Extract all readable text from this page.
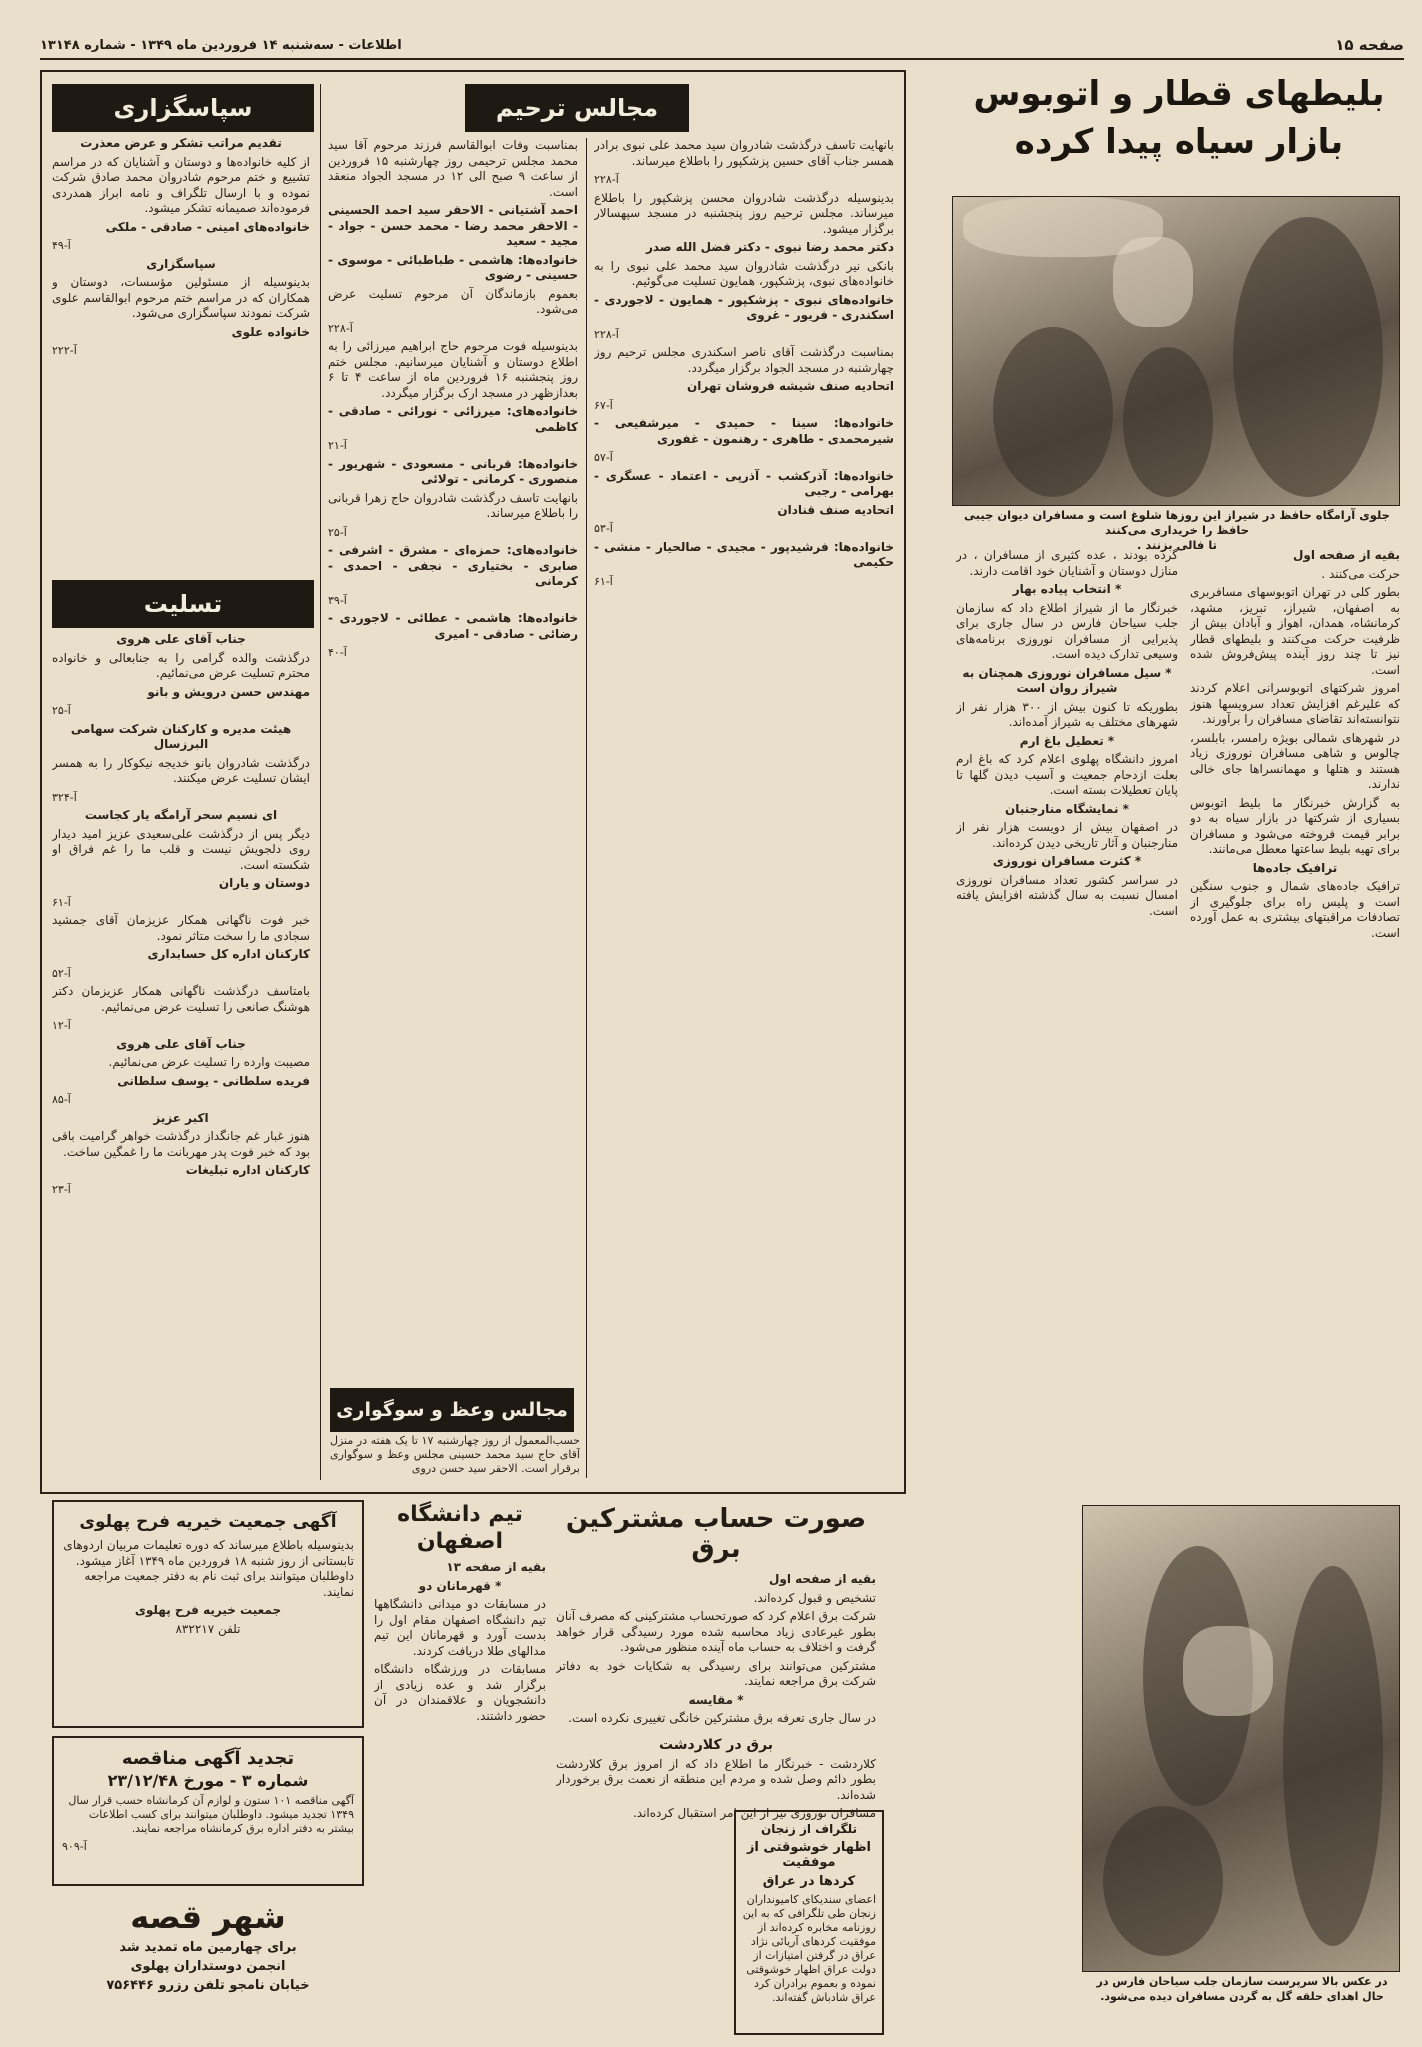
صفحه ۱۵
اطلاعات - سه‌شنبه ۱۴ فروردین ماه ۱۳۴۹ - شماره ۱۳۱۴۸
بلیطهای قطار و اتوبوس
بازار سیاه پیدا کرده
جلوی آرامگاه حافظ در شیراز این روزها شلوغ است و مسافران دیوان جیبی حافظ را خریداری می‌کنند
تا فالی بزنند .

بقیه از صفحه اول

حرکت می‌کنند .

بطور کلی در تهران اتوبوسهای مسافربری به اصفهان، شیراز، تبریز، مشهد، کرمانشاه، همدان، اهواز و آبادان بیش از ظرفیت حرکت می‌کنند و بلیطهای قطار نیز تا چند روز آینده پیش‌فروش شده است.

امروز شرکتهای اتوبوسرانی اعلام کردند که علیرغم افزایش تعداد سرویسها هنوز نتوانسته‌اند تقاضای مسافران را برآورند.

در شهرهای شمالی بویژه رامسر، بابلسر، چالوس و شاهی مسافران نوروزی زیاد هستند و هتلها و مهمانسراها جای خالی ندارند.

به گزارش خبرنگار ما بلیط اتوبوس بسیاری از شرکتها در بازار سیاه به دو برابر قیمت فروخته می‌شود و مسافران برای تهیه بلیط ساعتها معطل می‌مانند.

ترافیک جاده‌ها

ترافیک جاده‌های شمال و جنوب سنگین است و پلیس راه برای جلوگیری از تصادفات مراقبتهای بیشتری به عمل آورده است.

گرده بودند ، عده کثیری از مسافران ، در منازل دوستان و آشنایان خود اقامت دارند.

* انتخاب پیاده بهار

خبرنگار ما از شیراز اطلاع داد که سازمان جلب سیاحان فارس در سال جاری برای پذیرایی از مسافران نوروزی برنامه‌های وسیعی تدارک دیده است.

* سیل مسافران نوروزی همچنان به شیراز روان است

بطوریکه تا کنون بیش از ۳۰۰ هزار نفر از شهرهای مختلف به شیراز آمده‌اند.

* تعطیل باغ ارم

امروز دانشگاه پهلوی اعلام کرد که باغ ارم بعلت ازدحام جمعیت و آسیب دیدن گلها تا پایان تعطیلات بسته است.

* نمایشگاه منارجنبان

در اصفهان بیش از دویست هزار نفر از منارجنبان و آثار تاریخی دیدن کرده‌اند.

* کثرت مسافران نوروزی

در سراسر کشور تعداد مسافران نوروزی امسال نسبت به سال گذشته افزایش یافته است.

در عکس بالا سرپرست سازمان جلب سیاحان فارس در حال اهدای حلقه گل به گردن مسافران دیده می‌شود.
صورت حساب مشترکین برق

بقیه از صفحه اول

تشخیص و قبول کرده‌اند.

شرکت برق اعلام کرد که صورتحساب مشترکینی که مصرف آنان بطور غیرعادی زیاد محاسبه شده مورد رسیدگی قرار خواهد گرفت و اختلاف به حساب ماه آینده منظور می‌شود.

مشترکین می‌توانند برای رسیدگی به شکایات خود به دفاتر شرکت برق مراجعه نمایند.

* مقایسه

در سال جاری تعرفه برق مشترکین خانگی تغییری نکرده است.

برق در کلاردشت

کلاردشت - خبرنگار ما اطلاع داد که از امروز برق کلاردشت بطور دائم وصل شده و مردم این منطقه از نعمت برق برخوردار شده‌اند.

مسافران نوروزی نیز از این امر استقبال کرده‌اند.

تیم دانشگاه
اصفهان

بقیه از صفحه ۱۳

* قهرمانان دو

در مسابقات دو میدانی دانشگاهها تیم دانشگاه اصفهان مقام اول را بدست آورد و قهرمانان این تیم مدالهای طلا دریافت کردند.

مسابقات در ورزشگاه دانشگاه برگزار شد و عده زیادی از دانشجویان و علاقمندان در آن حضور داشتند.

تلگراف از زنجان
اظهار خوشوقتی از موفقیت
کردها در عراق

اعضای سندیکای کامیونداران زنجان طی تلگرافی که به این روزنامه مخابره کرده‌اند از موفقیت کردهای آریائی نژاد عراق در گرفتن امتیازات از دولت عراق اظهار خوشوقتی نموده و بعموم برادران کرد عراق شادباش گفته‌اند.

مجالس ترحیم

بانهایت تاسف درگذشت شادروان سید محمد علی نبوی برادر همسر جناب آقای حسین پزشکپور را باطلاع میرساند.

آ-۲۲۸

بدینوسیله درگذشت شادروان محسن پزشکپور را باطلاع میرساند. مجلس ترحیم روز پنجشنبه در مسجد سپهسالار برگزار میشود.

دکتر محمد رضا نبوی - دکتر فضل الله صدر

بانکی نیر درگذشت شادروان سید محمد علی نبوی را به خانواده‌های نبوی، پزشکپور، همایون تسلیت می‌گوئیم.

خانواده‌های نبوی - پزشکپور - همایون - لاجوردی - اسکندری - فریور - غروی

آ-۲۲۸

بمناسبت درگذشت آقای ناصر اسکندری مجلس ترحیم روز چهارشنبه در مسجد الجواد برگزار میگردد.

اتحادیه صنف شیشه فروشان تهران

آ-۶۷

خانواده‌ها: سینا - حمیدی - میرشفیعی - شیرمحمدی - طاهری - رهنمون - غفوری

آ-۵۷

خانواده‌ها: آذرکشب - آذرپی - اعتماد - عسگری - بهرامی - رجبی

اتحادیه صنف قنادان

آ-۵۳

خانواده‌ها: فرشیدپور - مجیدی - صالحیار - منشی - حکیمی

آ-۶۱

بمناسبت وفات ابوالقاسم فرزند مرحوم آقا سید محمد مجلس ترحیمی روز چهارشنبه ۱۵ فروردین از ساعت ۹ صبح الی ۱۲ در مسجد الجواد منعقد است.

احمد آشتیانی - الاحقر سید احمد الحسینی - الاحقر محمد رضا - محمد حسن - جواد - مجید - سعید

خانواده‌ها: هاشمی - طباطبائی - موسوی - حسینی - رضوی

بعموم بازماندگان آن مرحوم تسلیت عرض می‌شود.

آ-۲۲۸

بدینوسیله فوت مرحوم حاج ابراهیم میرزائی را به اطلاع دوستان و آشنایان میرسانیم. مجلس ختم روز پنجشنبه ۱۶ فروردین ماه از ساعت ۴ تا ۶ بعدازظهر در مسجد ارک برگزار میگردد.

خانواده‌های: میرزائی - نورائی - صادقی - کاظمی

آ-۲۱

خانواده‌ها: قربانی - مسعودی - شهریور - منصوری - کرمانی - تولائی

بانهایت تاسف درگذشت شادروان حاج زهرا قربانی را باطلاع میرساند.

آ-۲۵

خانواده‌های: حمزه‌ای - مشرق - اشرفی - صابری - بختیاری - نجفی - احمدی - کرمانی

آ-۳۹

خانواده‌ها: هاشمی - عطائی - لاجوردی - رضائی - صادقی - امیری

آ-۴۰

مجالس وعظ و سوگواری

حسب‌المعمول از روز چهارشنبه ۱۷ تا یک هفته در منزل آقای حاج سید محمد حسینی مجلس وعظ و سوگواری برقرار است. الاحقر سید حسن دروی

سپاسگزاری

تقدیم مراتب تشکر و عرض معذرت

از کلیه خانواده‌ها و دوستان و آشنایان که در مراسم تشییع و ختم مرحوم شادروان محمد صادق شرکت نموده و با ارسال تلگراف و نامه ابراز همدردی فرموده‌اند صمیمانه تشکر میشود.

خانواده‌های امینی - صادقی - ملکی

آ-۴۹

سپاسگزاری

بدینوسیله از مسئولین مؤسسات، دوستان و همکاران که در مراسم ختم مرحوم ابوالقاسم علوی شرکت نمودند سپاسگزاری می‌شود.

خانواده علوی

آ-۲۲۲

تسلیت

جناب آقای علی هروی

درگذشت والده گرامی را به جنابعالی و خانواده محترم تسلیت عرض می‌نمائیم.

مهندس حسن درویش و بانو

آ-۲۵

هیئت مدیره و کارکنان شرکت سهامی البرزسال

درگذشت شادروان بانو خدیجه نیکوکار را به همسر ایشان تسلیت عرض میکنند.

آ-۳۲۴

ای نسیم سحر آرامگه یار کجاست

دیگر پس از درگذشت علی‌سعیدی عزیز امید دیدار روی دلجویش نیست و قلب ما را غم فراق او شکسته است.

دوستان و یاران

آ-۶۱

خبر فوت ناگهانی همکار عزیزمان آقای جمشید سجادی ما را سخت متاثر نمود.

کارکنان اداره کل حسابداری

آ-۵۲

بامتاسف درگذشت ناگهانی همکار عزیزمان دکتر هوشنگ صانعی را تسلیت عرض می‌نمائیم.

آ-۱۲

جناب آقای علی هروی

مصیبت وارده را تسلیت عرض می‌نمائیم.

فریده سلطانی - یوسف سلطانی

آ-۸۵

اکبر عزیز

هنوز غبار غم جانگداز درگذشت خواهر گرامیت باقی بود که خبر فوت پدر مهربانت ما را غمگین ساخت.

کارکنان اداره تبلیغات

آ-۲۳

آگهی جمعیت خیریه فرح پهلوی

بدینوسیله باطلاع میرساند که دوره تعلیمات مربیان اردوهای تابستانی از روز شنبه ۱۸ فروردین ماه ۱۳۴۹ آغاز میشود. داوطلبان میتوانند برای ثبت نام به دفتر جمعیت مراجعه نمایند.

جمعیت خیریه فرح پهلوی

تلفن ۸۳۲۲۱۷

تجدید آگهی مناقصه
شماره ۳ - مورخ ۲۳/۱۲/۴۸

آگهی مناقصه ۱۰۱ ستون و لوازم آن کرمانشاه حسب قرار سال ۱۳۴۹ تجدید میشود. داوطلبان میتوانند برای کسب اطلاعات بیشتر به دفتر اداره برق کرمانشاه مراجعه نمایند.

آ-۹۰۹

شهر قصه
برای چهارمین ماه تمدید شد
انجمن دوستداران پهلوی
خیابان نامجو تلفن رزرو ۷۵۶۴۴۶
